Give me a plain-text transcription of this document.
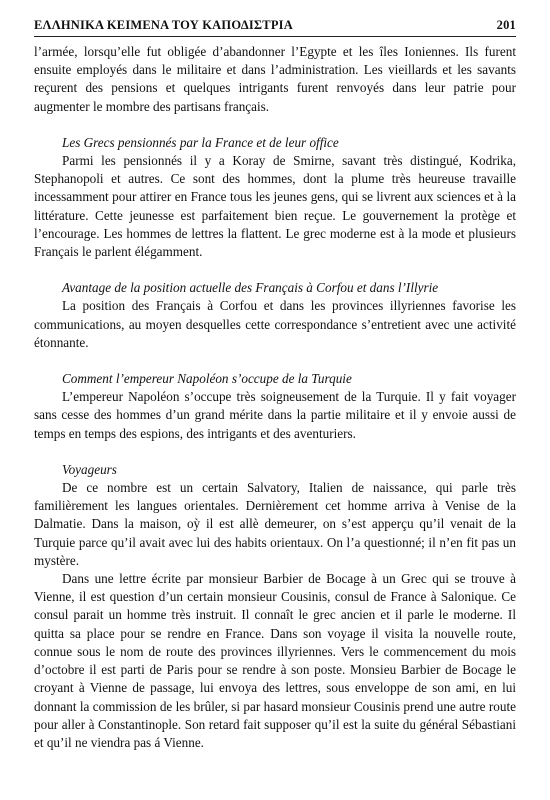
ΕΛΛΗΝΙΚΑ ΚΕΙΜΕΝΑ ΤΟΥ ΚΑΠΟΔΙΣΤΡΙΑ	201

l’armée, lorsqu’elle fut obligée d’abandonner l’Egypte et les îles Ioniennes. Ils furent ensuite employés dans le militaire et dans l’administration. Les vieillards et les savants reçurent des pensions et quelques intrigants furent renvoyés dans leur patrie pour augmenter le mombre des partisans français.

Les Grecs pensionnés par la France et de leur office

Parmi les pensionnés il y a Koray de Smirne, savant très distingué, Kodrika, Stephanopoli et autres. Ce sont des hommes, dont la plume très heureuse travaille incessamment pour attirer en France tous les jeunes gens, qui se livrent aux sciences et à la littérature. Cette jeunesse est parfaitement bien reçue. Le gouvernement la protège et l’encourage. Les hommes de lettres la flattent. Le grec moderne est à la mode et plusieurs Français le parlent élégamment.

Avantage de la position actuelle des Français à Corfou et dans l’Illyrie

La position des Français à Corfou et dans les provinces illyriennes favorise les communications, au moyen desquelles cette correspondance s’entretient avec une activité étonnante.

Comment l’empereur Napoléon s’occupe de la Turquie

L’empereur Napoléon s’occupe très soigneusement de la Turquie. Il y fait voyager sans cesse des hommes d’un grand mérite dans la partie militaire et il y envoie aussi de temps en temps des espions, des intrigants et des aventuriers.

Voyageurs

De ce nombre est un certain Salvatory, Italien de naissance, qui parle très familièrement les langues orientales. Dernièrement cet homme arriva à Venise de la Dalmatie. Dans la maison, oỳ il est allè demeurer, on s’est apperçu qu’il venait de la Turquie parce qu’il avait avec lui des habits orientaux. On l’a questionné; il n’en fit pas un mystère.

Dans une lettre écrite par monsieur Barbier de Bocage à un Grec qui se trouve à Vienne, il est question d’un certain monsieur Cousinis, consul de France à Salonique. Ce consul parait un homme très instruit. Il connaît le grec ancien et il parle le moderne. Il quitta sa place pour se rendre en France. Dans son voyage il visita la nouvelle route, connue sous le nom de route des provinces illyriennes. Vers le commencement du mois d’octobre il est parti de Paris pour se rendre à son poste. Monsieu Barbier de Bocage le croyant à Vienne de passage, lui envoya des lettres, sous enveloppe de son ami, en lui donnant la commission de les brûler, si par hasard monsieur Cousinis prend une autre route pour aller à Constantinople. Son retard fait supposer qu’il est la suite du général Sébastiani et qu’il ne viendra pas á Vienne.
